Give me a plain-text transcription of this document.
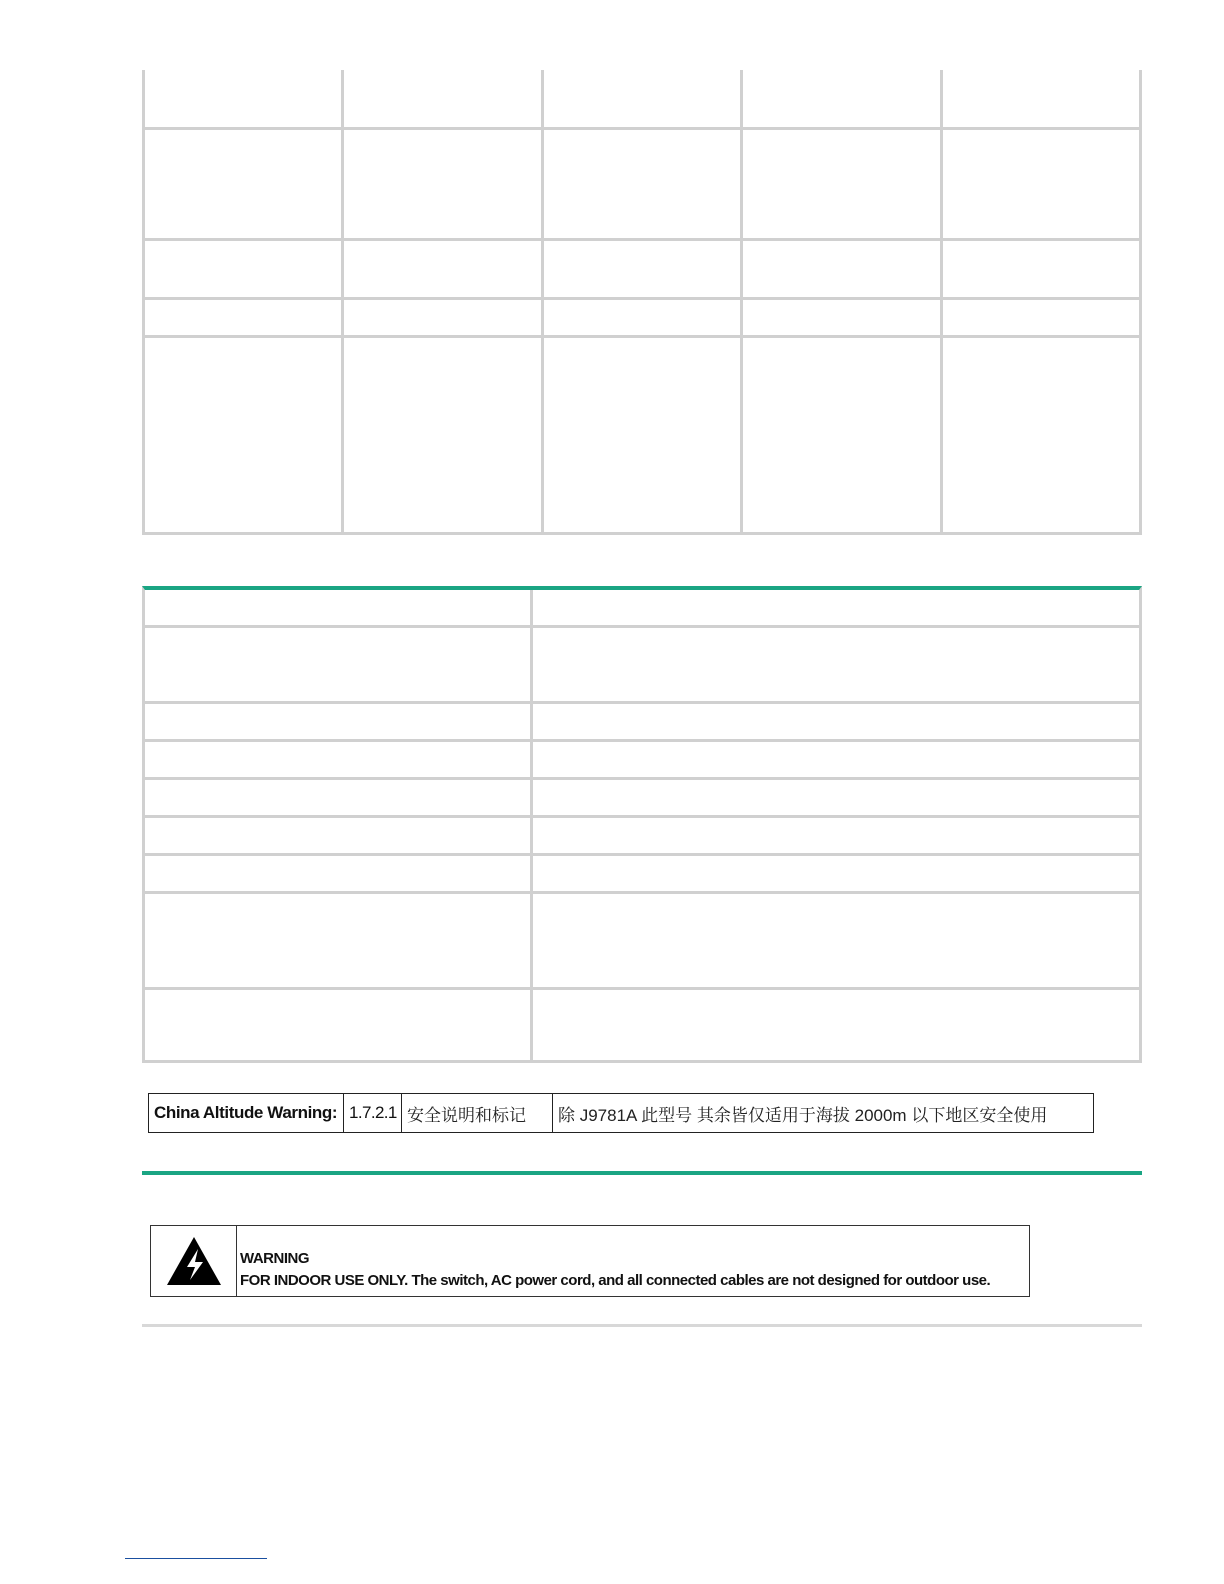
China Altitude Warning: 1.7.2.1 安全说明和标记	除 J9781A 此型号 其余皆仅适用于海拔 2000m 以下地区安全使用
WARNING
FOR INDOOR USE ONLY. The switch, AC power cord, and all connected cables are not designed for outdoor use.
